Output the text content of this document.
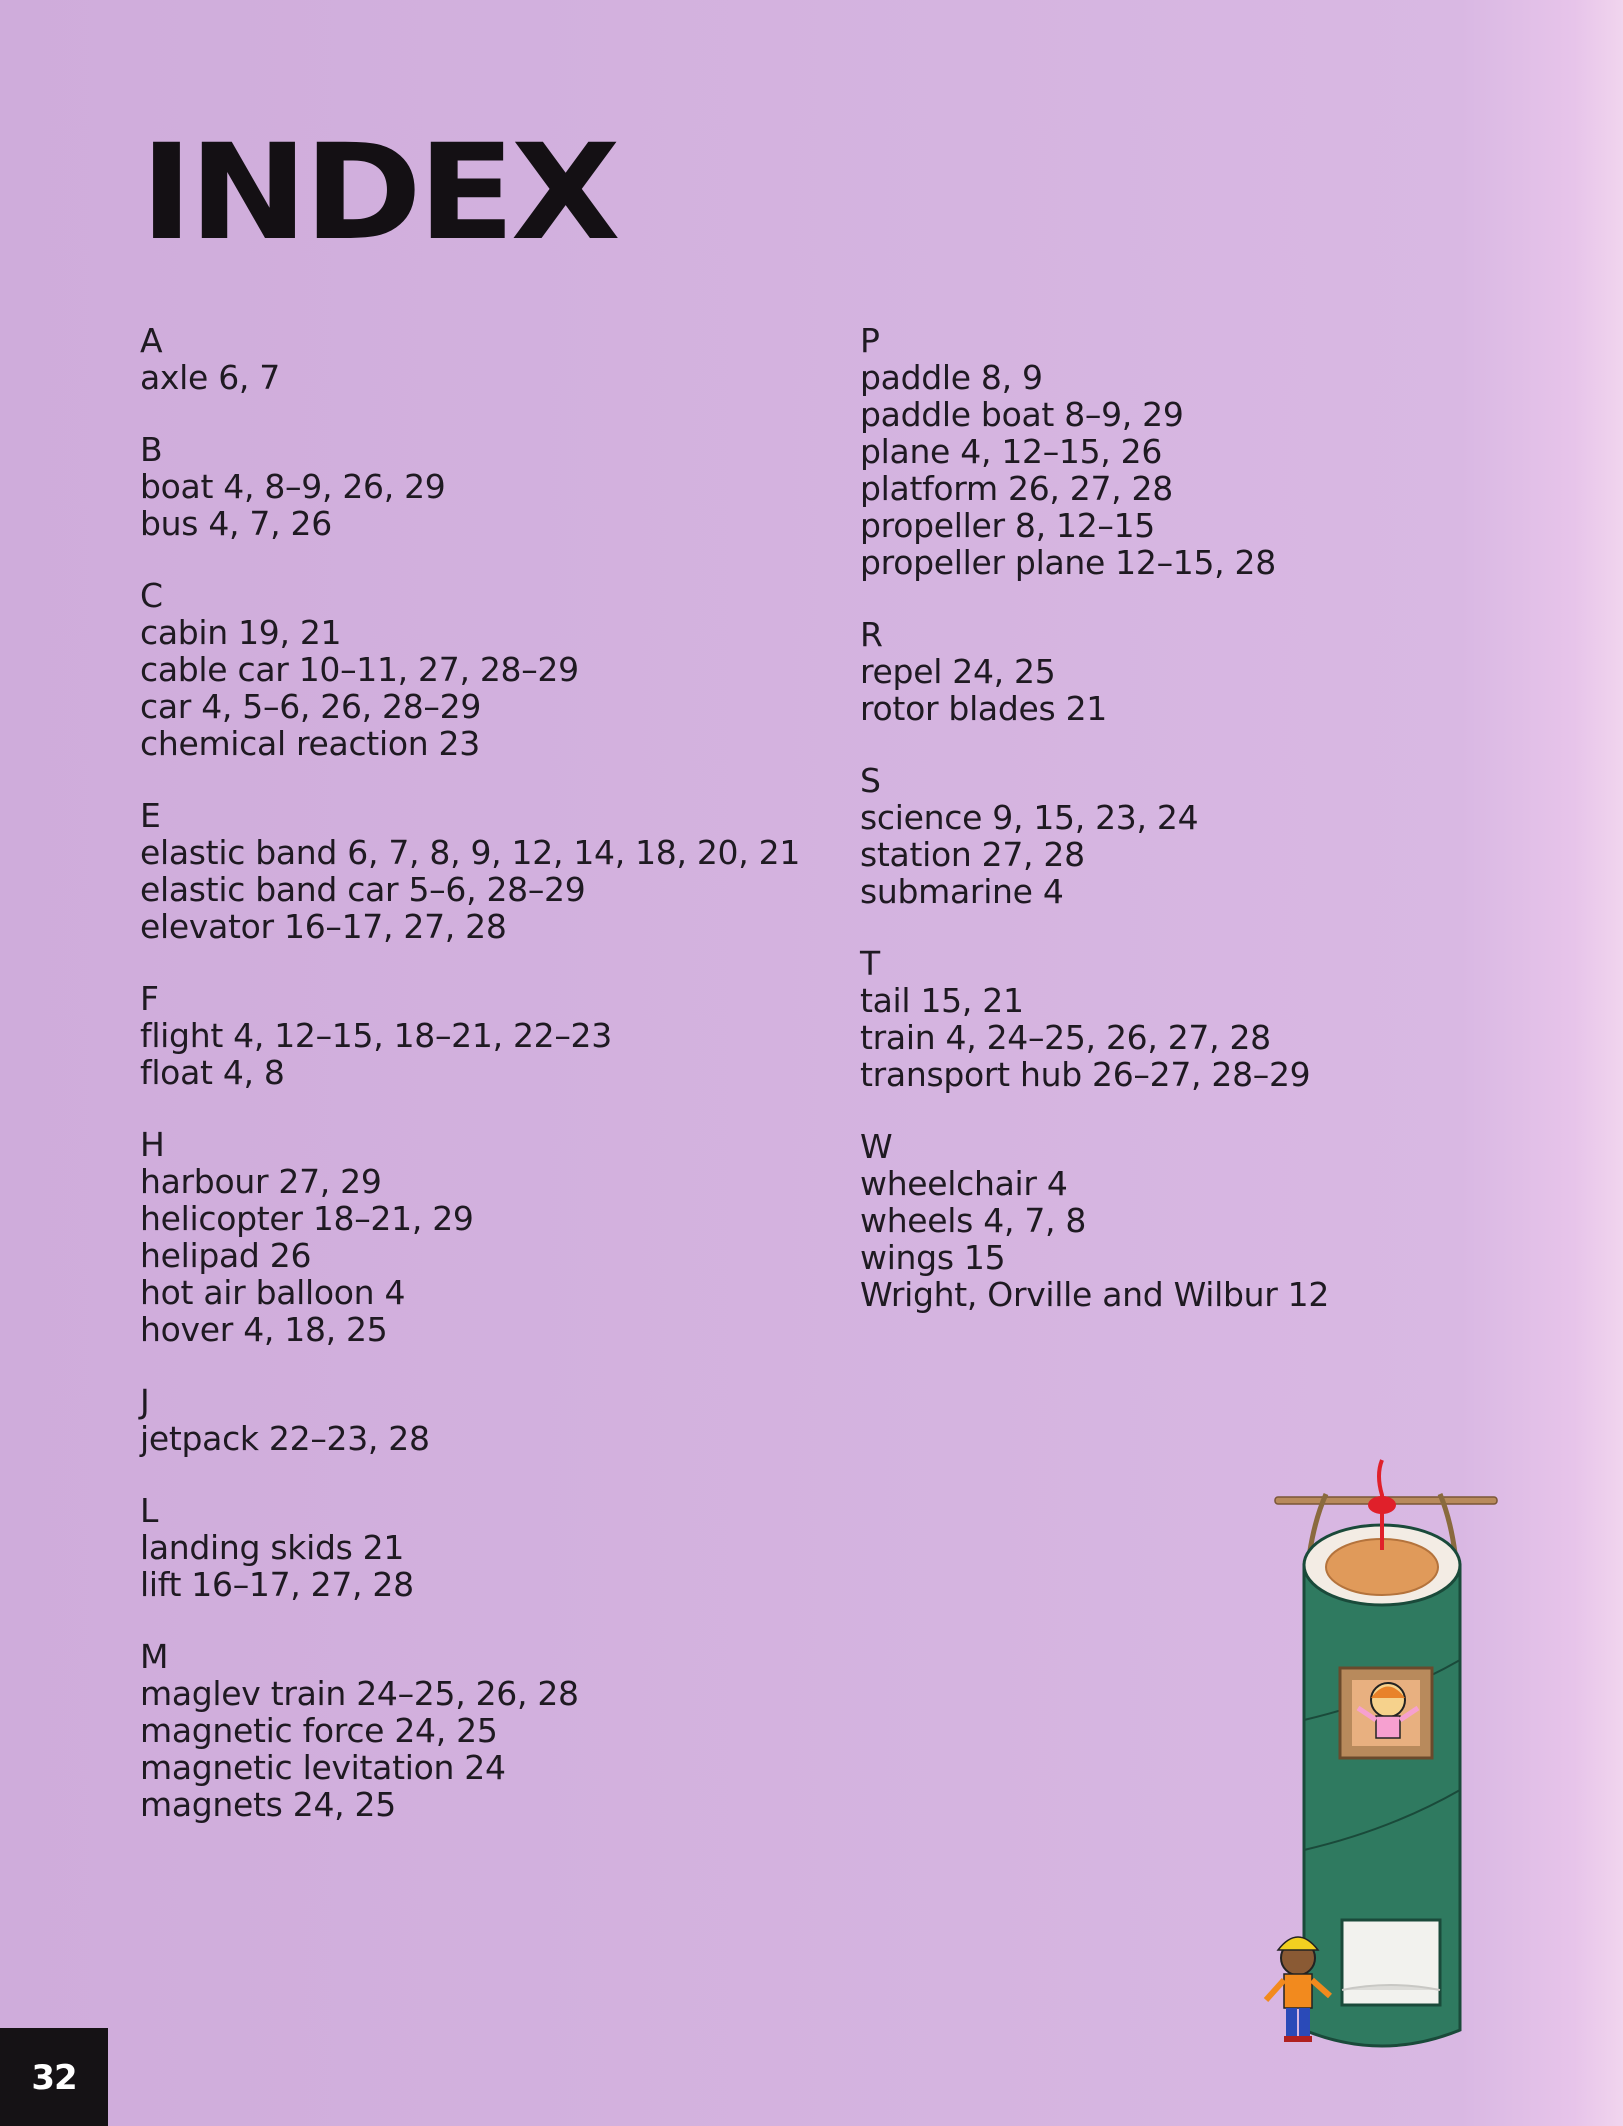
INDEX
A
axle 6, 7
B
boat 4, 8–9, 26, 29
bus 4, 7, 26
C
cabin 19, 21
cable car 10–11, 27, 28–29
car 4, 5–6, 26, 28–29
chemical reaction 23
E
elastic band 6, 7, 8, 9, 12, 14, 18, 20, 21
elastic band car 5–6, 28–29
elevator 16–17, 27, 28
F
flight 4, 12–15, 18–21, 22–23
float 4, 8
H
harbour 27, 29
helicopter 18–21, 29
helipad 26
hot air balloon 4
hover 4, 18, 25
J
jetpack 22–23, 28
L
landing skids 21
lift 16–17, 27, 28
M
maglev train 24–25, 26, 28
magnetic force 24, 25
magnetic levitation 24
magnets 24, 25
P
paddle 8, 9
paddle boat 8–9, 29
plane 4, 12–15, 26
platform 26, 27, 28
propeller 8, 12–15
propeller plane 12–15, 28
R
repel 24, 25
rotor blades 21
S
science 9, 15, 23, 24
station 27, 28
submarine 4
T
tail 15, 21
train 4, 24–25, 26, 27, 28
transport hub 26–27, 28–29
W
wheelchair 4
wheels 4, 7, 8
wings 15
Wright, Orville and Wilbur 12
32
